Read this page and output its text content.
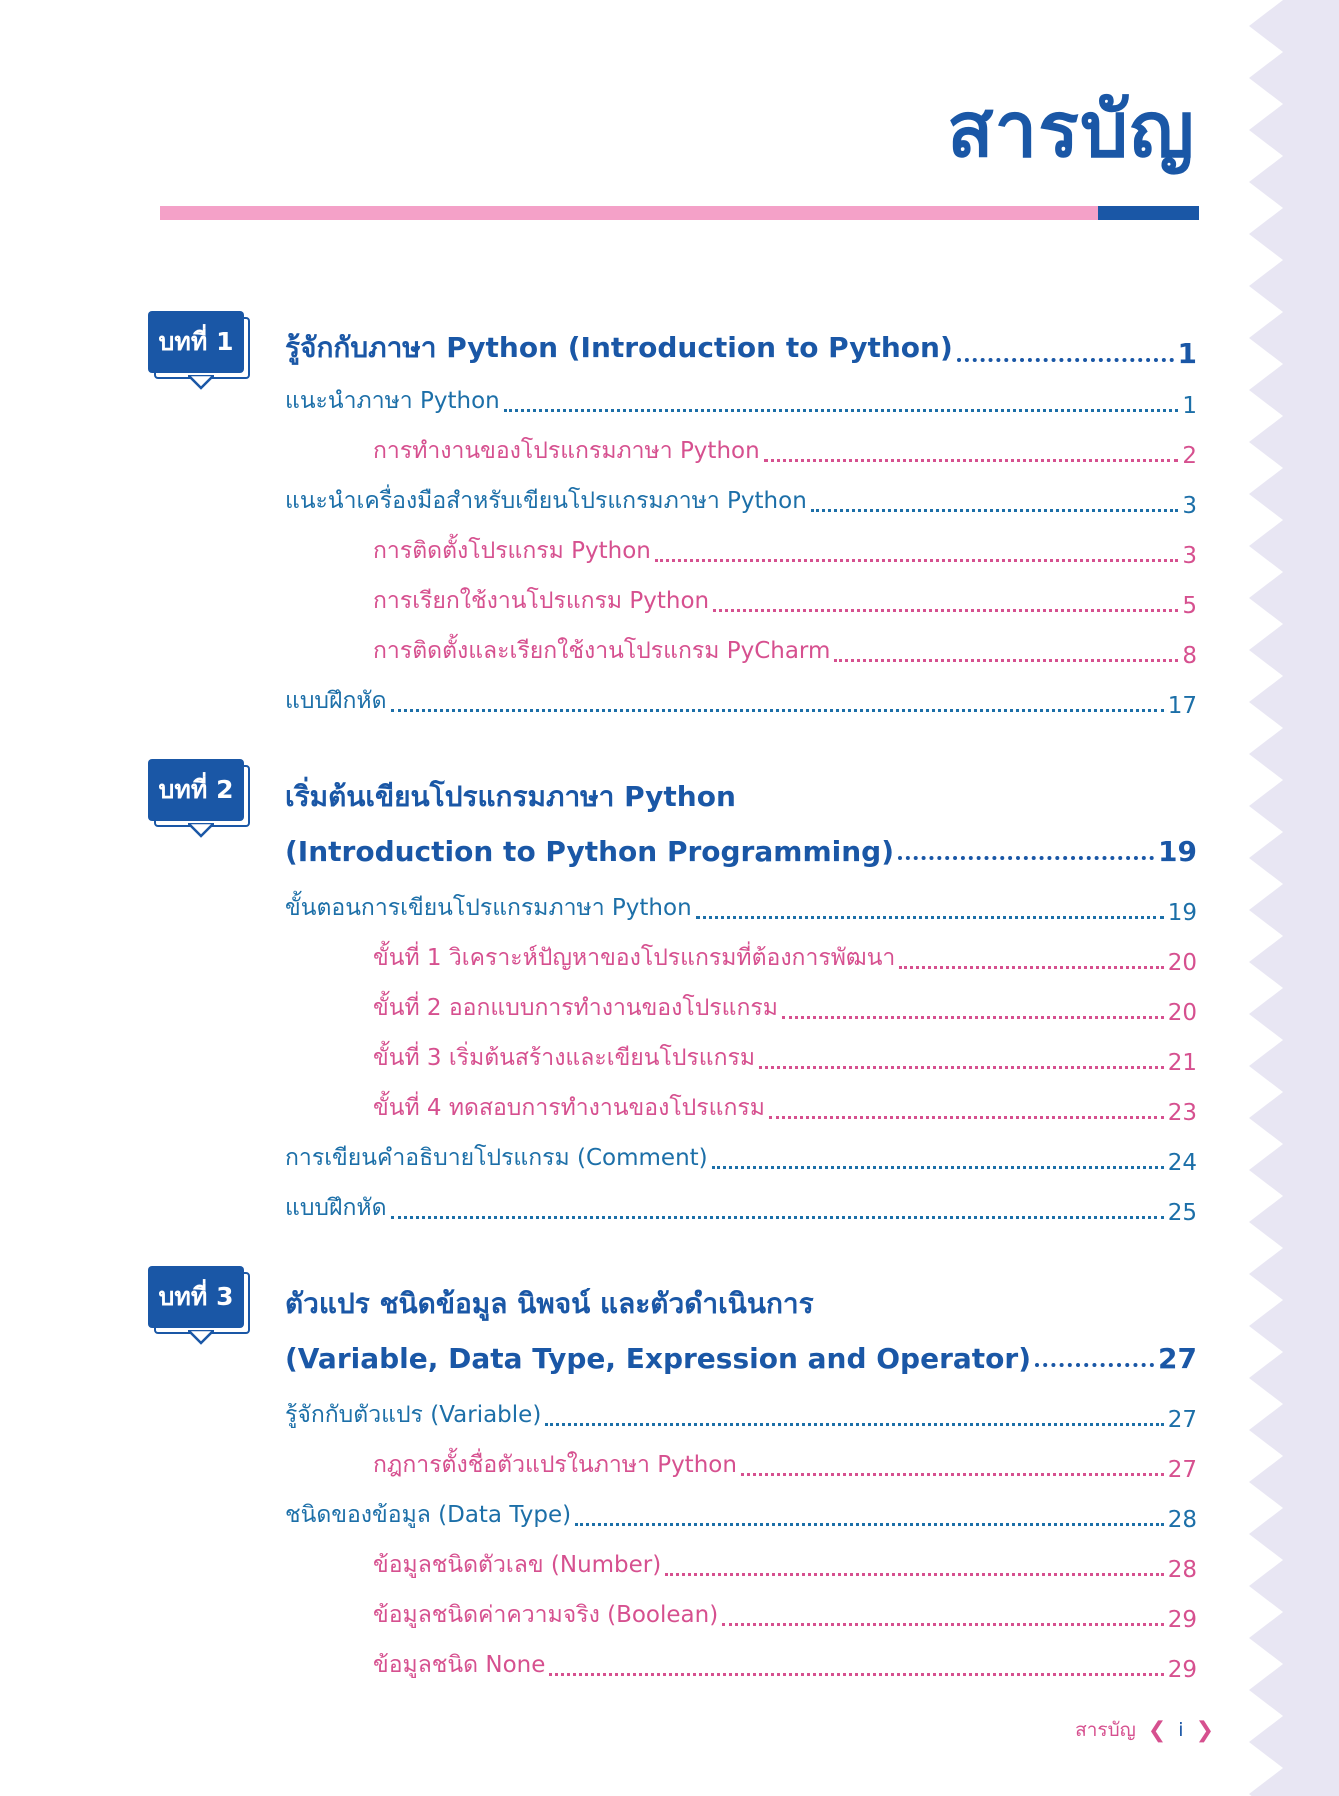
สารบัญ
บทที่ 1	รู้จักกับภาษา Python (Introduction to Python)	1
แนะนำภาษา Python	1
การทำงานของโปรแกรมภาษา Python	2
แนะนำเครื่องมือสำหรับเขียนโปรแกรมภาษา Python	3
การติดตั้งโปรแกรม Python	3
การเรียกใช้งานโปรแกรม Python	5
การติดตั้งและเรียกใช้งานโปรแกรม PyCharm	8
แบบฝึกหัด	17
บทที่ 2	เริ่มต้นเขียนโปรแกรมภาษา Python
(Introduction to Python Programming)	19
ขั้นตอนการเขียนโปรแกรมภาษา Python	19
ขั้นที่ 1 วิเคราะห์ปัญหาของโปรแกรมที่ต้องการพัฒนา	20
ขั้นที่ 2 ออกแบบการทำงานของโปรแกรม	20
ขั้นที่ 3 เริ่มต้นสร้างและเขียนโปรแกรม	21
ขั้นที่ 4 ทดสอบการทำงานของโปรแกรม	23
การเขียนคำอธิบายโปรแกรม (Comment)	24
แบบฝึกหัด	25
บทที่ 3	ตัวแปร ชนิดข้อมูล นิพจน์ และตัวดำเนินการ
(Variable, Data Type, Expression and Operator)	27
รู้จักกับตัวแปร (Variable)	27
กฎการตั้งชื่อตัวแปรในภาษา Python	27
ชนิดของข้อมูล (Data Type)	28
ข้อมูลชนิดตัวเลข (Number)	28
ข้อมูลชนิดค่าความจริง (Boolean)	29
ข้อมูลชนิด None	29
สารบัญ ❮ i ❯
